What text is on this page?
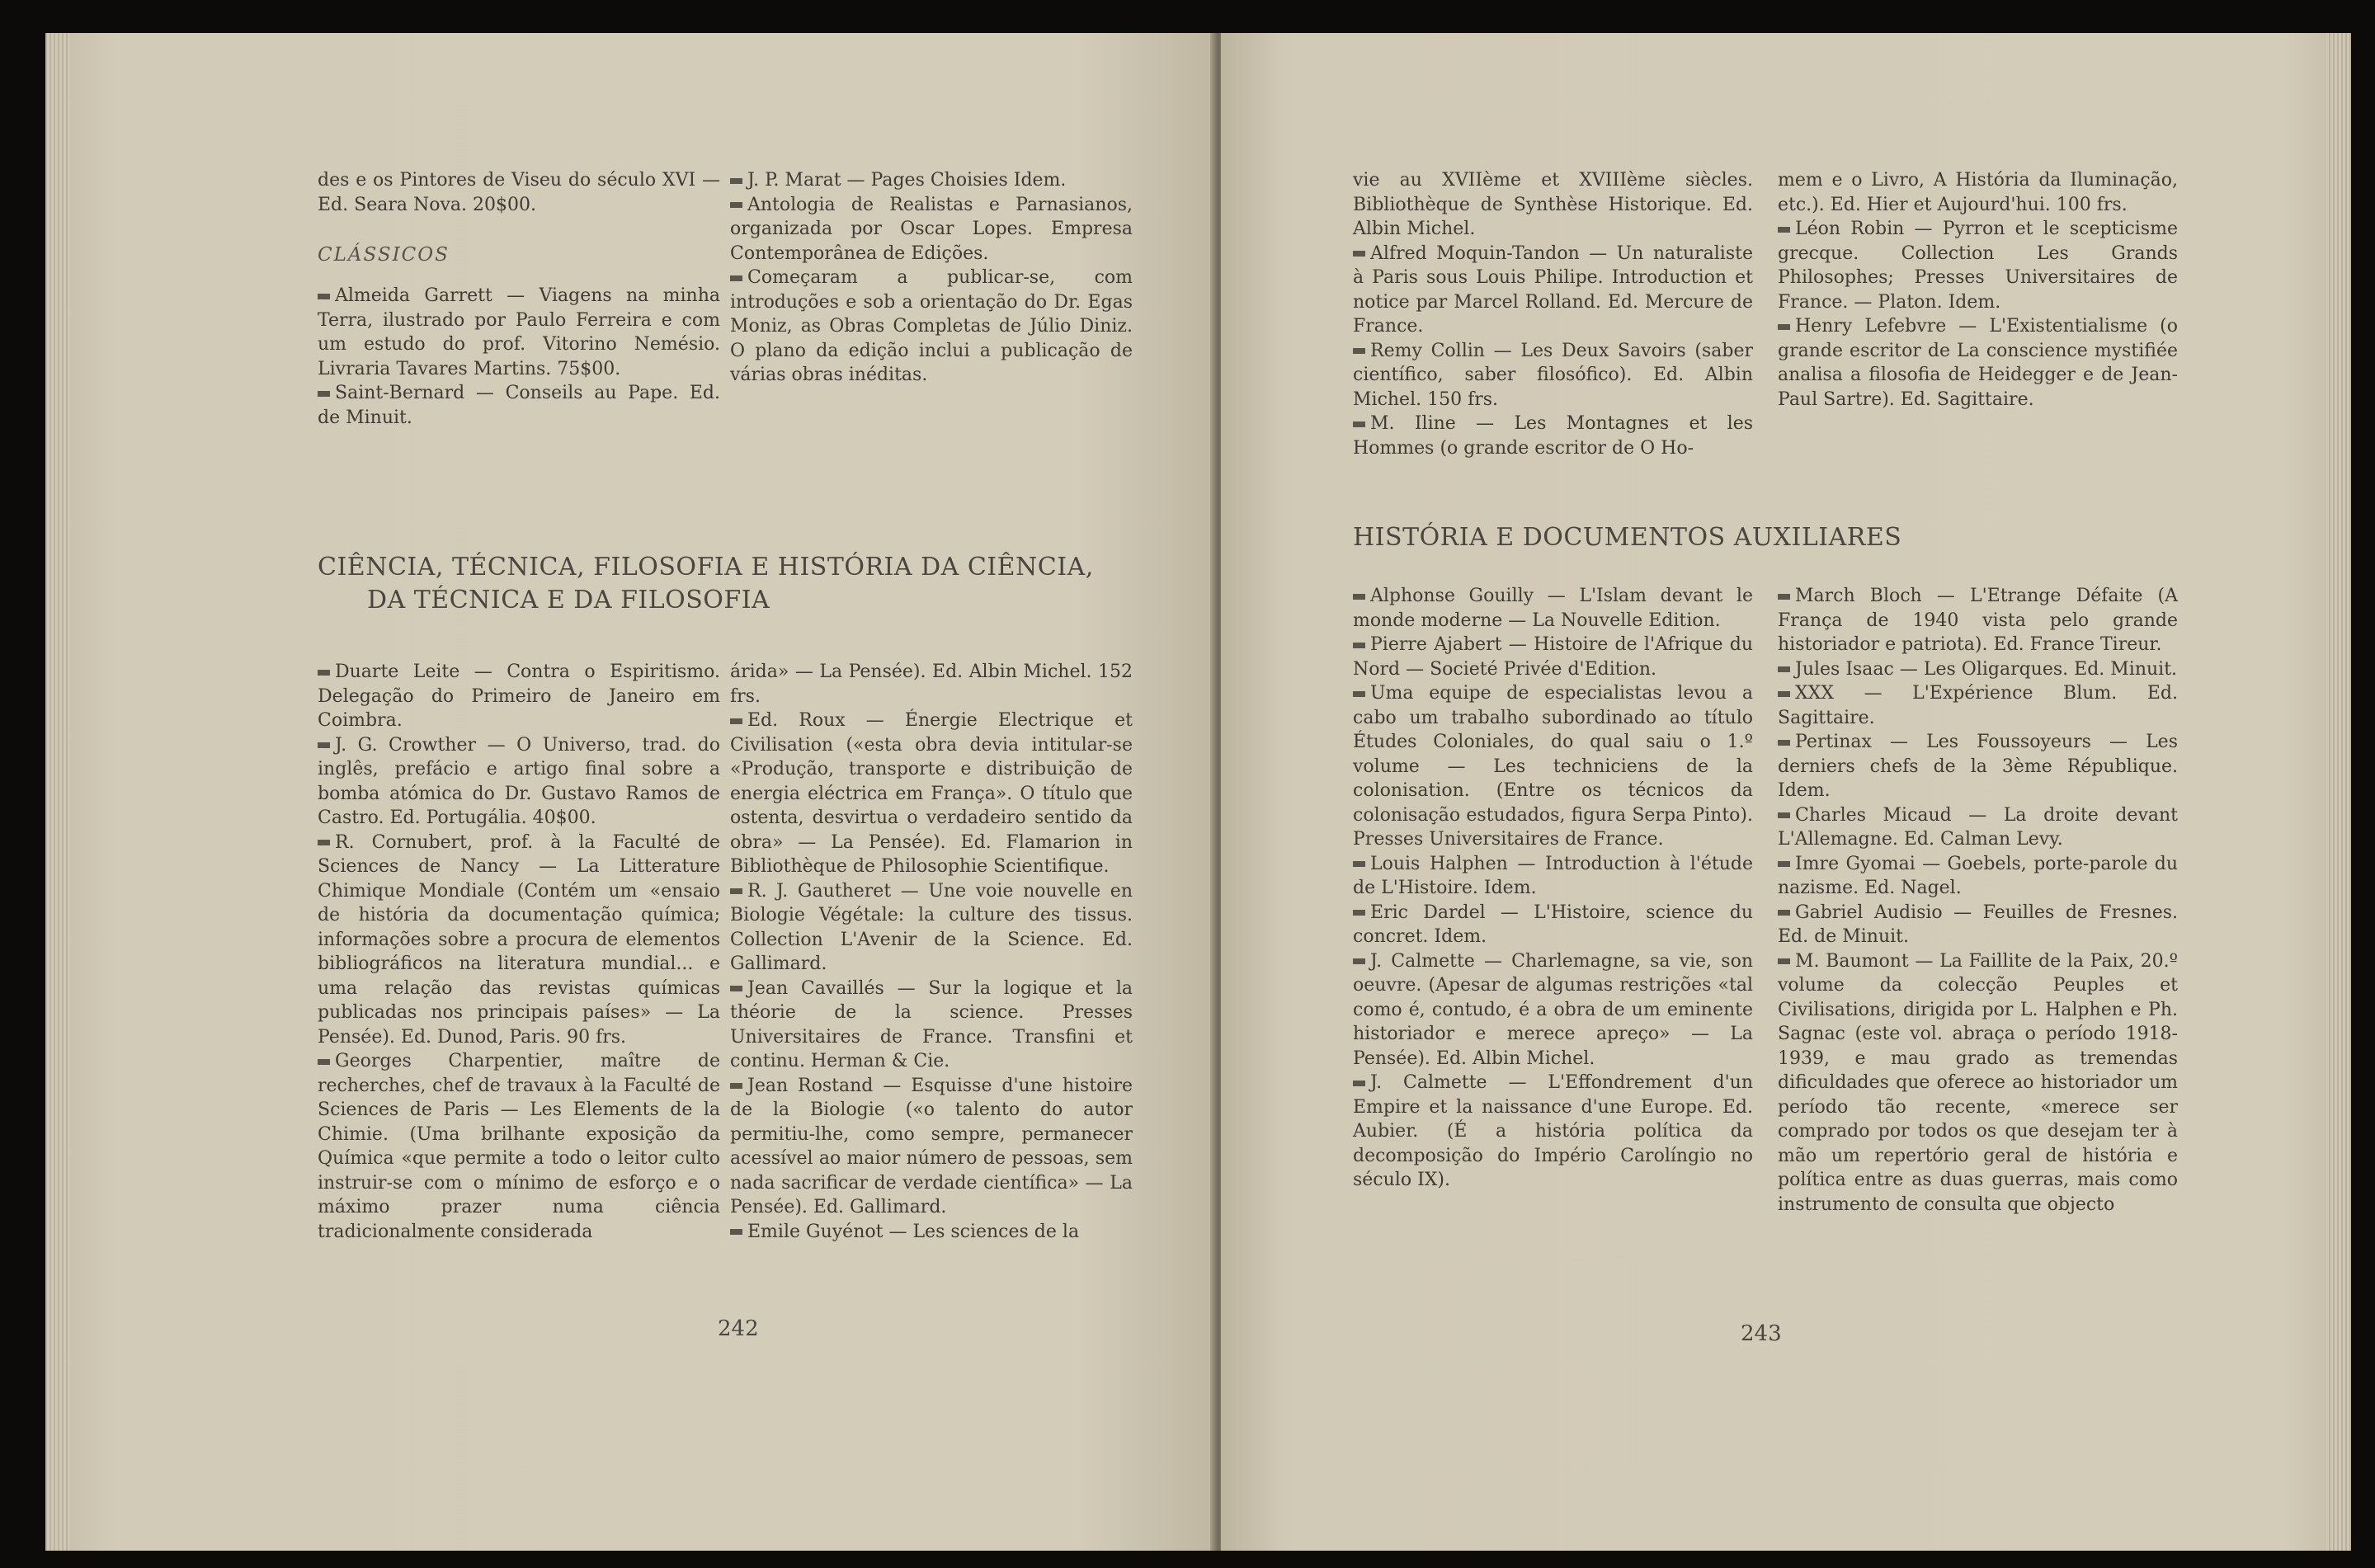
des e os Pintores de Viseu do século XVI — Ed. Seara Nova. 20$00.

CLÁSSICOS

Almeida Garrett — Viagens na minha Terra, ilustrado por Paulo Ferreira e com um estudo do prof. Vitorino Nemésio. Livraria Tavares Martins. 75$00.

Saint-Bernard — Conseils au Pape. Ed. de Minuit.

J. P. Marat — Pages Choisies Idem.

Antologia de Realistas e Parnasianos, organizada por Oscar Lopes. Empresa Contemporânea de Edições.

Começaram a publicar-se, com introduções e sob a orientação do Dr. Egas Moniz, as Obras Completas de Júlio Diniz. O plano da edição inclui a publicação de várias obras inéditas.

CIÊNCIA, TÉCNICA, FILOSOFIA E HISTÓRIA DA CIÊNCIA,
DA TÉCNICA E DA FILOSOFIA

Duarte Leite — Contra o Espiritismo. Delegação do Primeiro de Janeiro em Coimbra.

J. G. Crowther — O Universo, trad. do inglês, prefácio e artigo final sobre a bomba atómica do Dr. Gustavo Ramos de Castro. Ed. Portugália. 40$00.

R. Cornubert, prof. à la Faculté de Sciences de Nancy — La Litterature Chimique Mondiale (Contém um «ensaio de história da documentação química; informações sobre a procura de elementos bibliográficos na literatura mundial... e uma relação das revistas químicas publicadas nos principais países» — La Pensée). Ed. Dunod, Paris. 90 frs.

Georges Charpentier, maître de recherches, chef de travaux à la Faculté de Sciences de Paris — Les Elements de la Chimie. (Uma brilhante exposição da Química «que permite a todo o leitor culto instruir-se com o mínimo de esforço e o máximo prazer numa ciência tradicionalmente considerada

árida» — La Pensée). Ed. Albin Michel. 152 frs.

Ed. Roux — Énergie Electrique et Civilisation («esta obra devia intitular-se «Produção, transporte e distribuição de energia eléctrica em França». O título que ostenta, desvirtua o verdadeiro sentido da obra» — La Pensée). Ed. Flamarion in Bibliothèque de Philosophie Scientifique.

R. J. Gautheret — Une voie nouvelle en Biologie Végétale: la culture des tissus. Collection L'Avenir de la Science. Ed. Gallimard.

Jean Cavaillés — Sur la logique et la théorie de la science. Presses Universitaires de France. Transfini et continu. Herman & Cie.

Jean Rostand — Esquisse d'une histoire de la Biologie («o talento do autor permitiu-lhe, como sempre, permanecer acessível ao maior número de pessoas, sem nada sacrificar de verdade científica» — La Pensée). Ed. Gallimard.

Emile Guyénot — Les sciences de la

242

vie au XVIIème et XVIIIème siècles. Bibliothèque de Synthèse Historique. Ed. Albin Michel.

Alfred Moquin-Tandon — Un naturaliste à Paris sous Louis Philipe. Introduction et notice par Marcel Rolland. Ed. Mercure de France.

Remy Collin — Les Deux Savoirs (saber científico, saber filosófico). Ed. Albin Michel. 150 frs.

M. Iline — Les Montagnes et les Hommes (o grande escritor de O Ho-

mem e o Livro, A História da Iluminação, etc.). Ed. Hier et Aujourd'hui. 100 frs.

Léon Robin — Pyrron et le scepticisme grecque. Collection Les Grands Philosophes; Presses Universitaires de France. — Platon. Idem.

Henry Lefebvre — L'Existentialisme (o grande escritor de La conscience mystifiée analisa a filosofia de Heidegger e de Jean-Paul Sartre). Ed. Sagittaire.

HISTÓRIA E DOCUMENTOS AUXILIARES

Alphonse Gouilly — L'Islam devant le monde moderne — La Nouvelle Edition.

Pierre Ajabert — Histoire de l'Afrique du Nord — Societé Privée d'Edition.

Uma equipe de especialistas levou a cabo um trabalho subordinado ao título Études Coloniales, do qual saiu o 1.º volume — Les techniciens de la colonisation. (Entre os técnicos da colonisação estudados, figura Serpa Pinto). Presses Universitaires de France.

Louis Halphen — Introduction à l'étude de L'Histoire. Idem.

Eric Dardel — L'Histoire, science du concret. Idem.

J. Calmette — Charlemagne, sa vie, son oeuvre. (Apesar de algumas restrições «tal como é, contudo, é a obra de um eminente historiador e merece apreço» — La Pensée). Ed. Albin Michel.

J. Calmette — L'Effondrement d'un Empire et la naissance d'une Europe. Ed. Aubier. (É a história política da decomposição do Império Carolíngio no século IX).

March Bloch — L'Etrange Défaite (A França de 1940 vista pelo grande historiador e patriota). Ed. France Tireur.

Jules Isaac — Les Oligarques. Ed. Minuit.

XXX — L'Expérience Blum. Ed. Sagittaire.

Pertinax — Les Foussoyeurs — Les derniers chefs de la 3ème République. Idem.

Charles Micaud — La droite devant L'Allemagne. Ed. Calman Levy.

Imre Gyomai — Goebels, porte-parole du nazisme. Ed. Nagel.

Gabriel Audisio — Feuilles de Fresnes. Ed. de Minuit.

M. Baumont — La Faillite de la Paix, 20.º volume da colecção Peuples et Civilisations, dirigida por L. Halphen e Ph. Sagnac (este vol. abraça o período 1918-1939, e mau grado as tremendas dificuldades que oferece ao historiador um período tão recente, «merece ser comprado por todos os que desejam ter à mão um repertório geral de história e política entre as duas guerras, mais como instrumento de consulta que objecto

243
